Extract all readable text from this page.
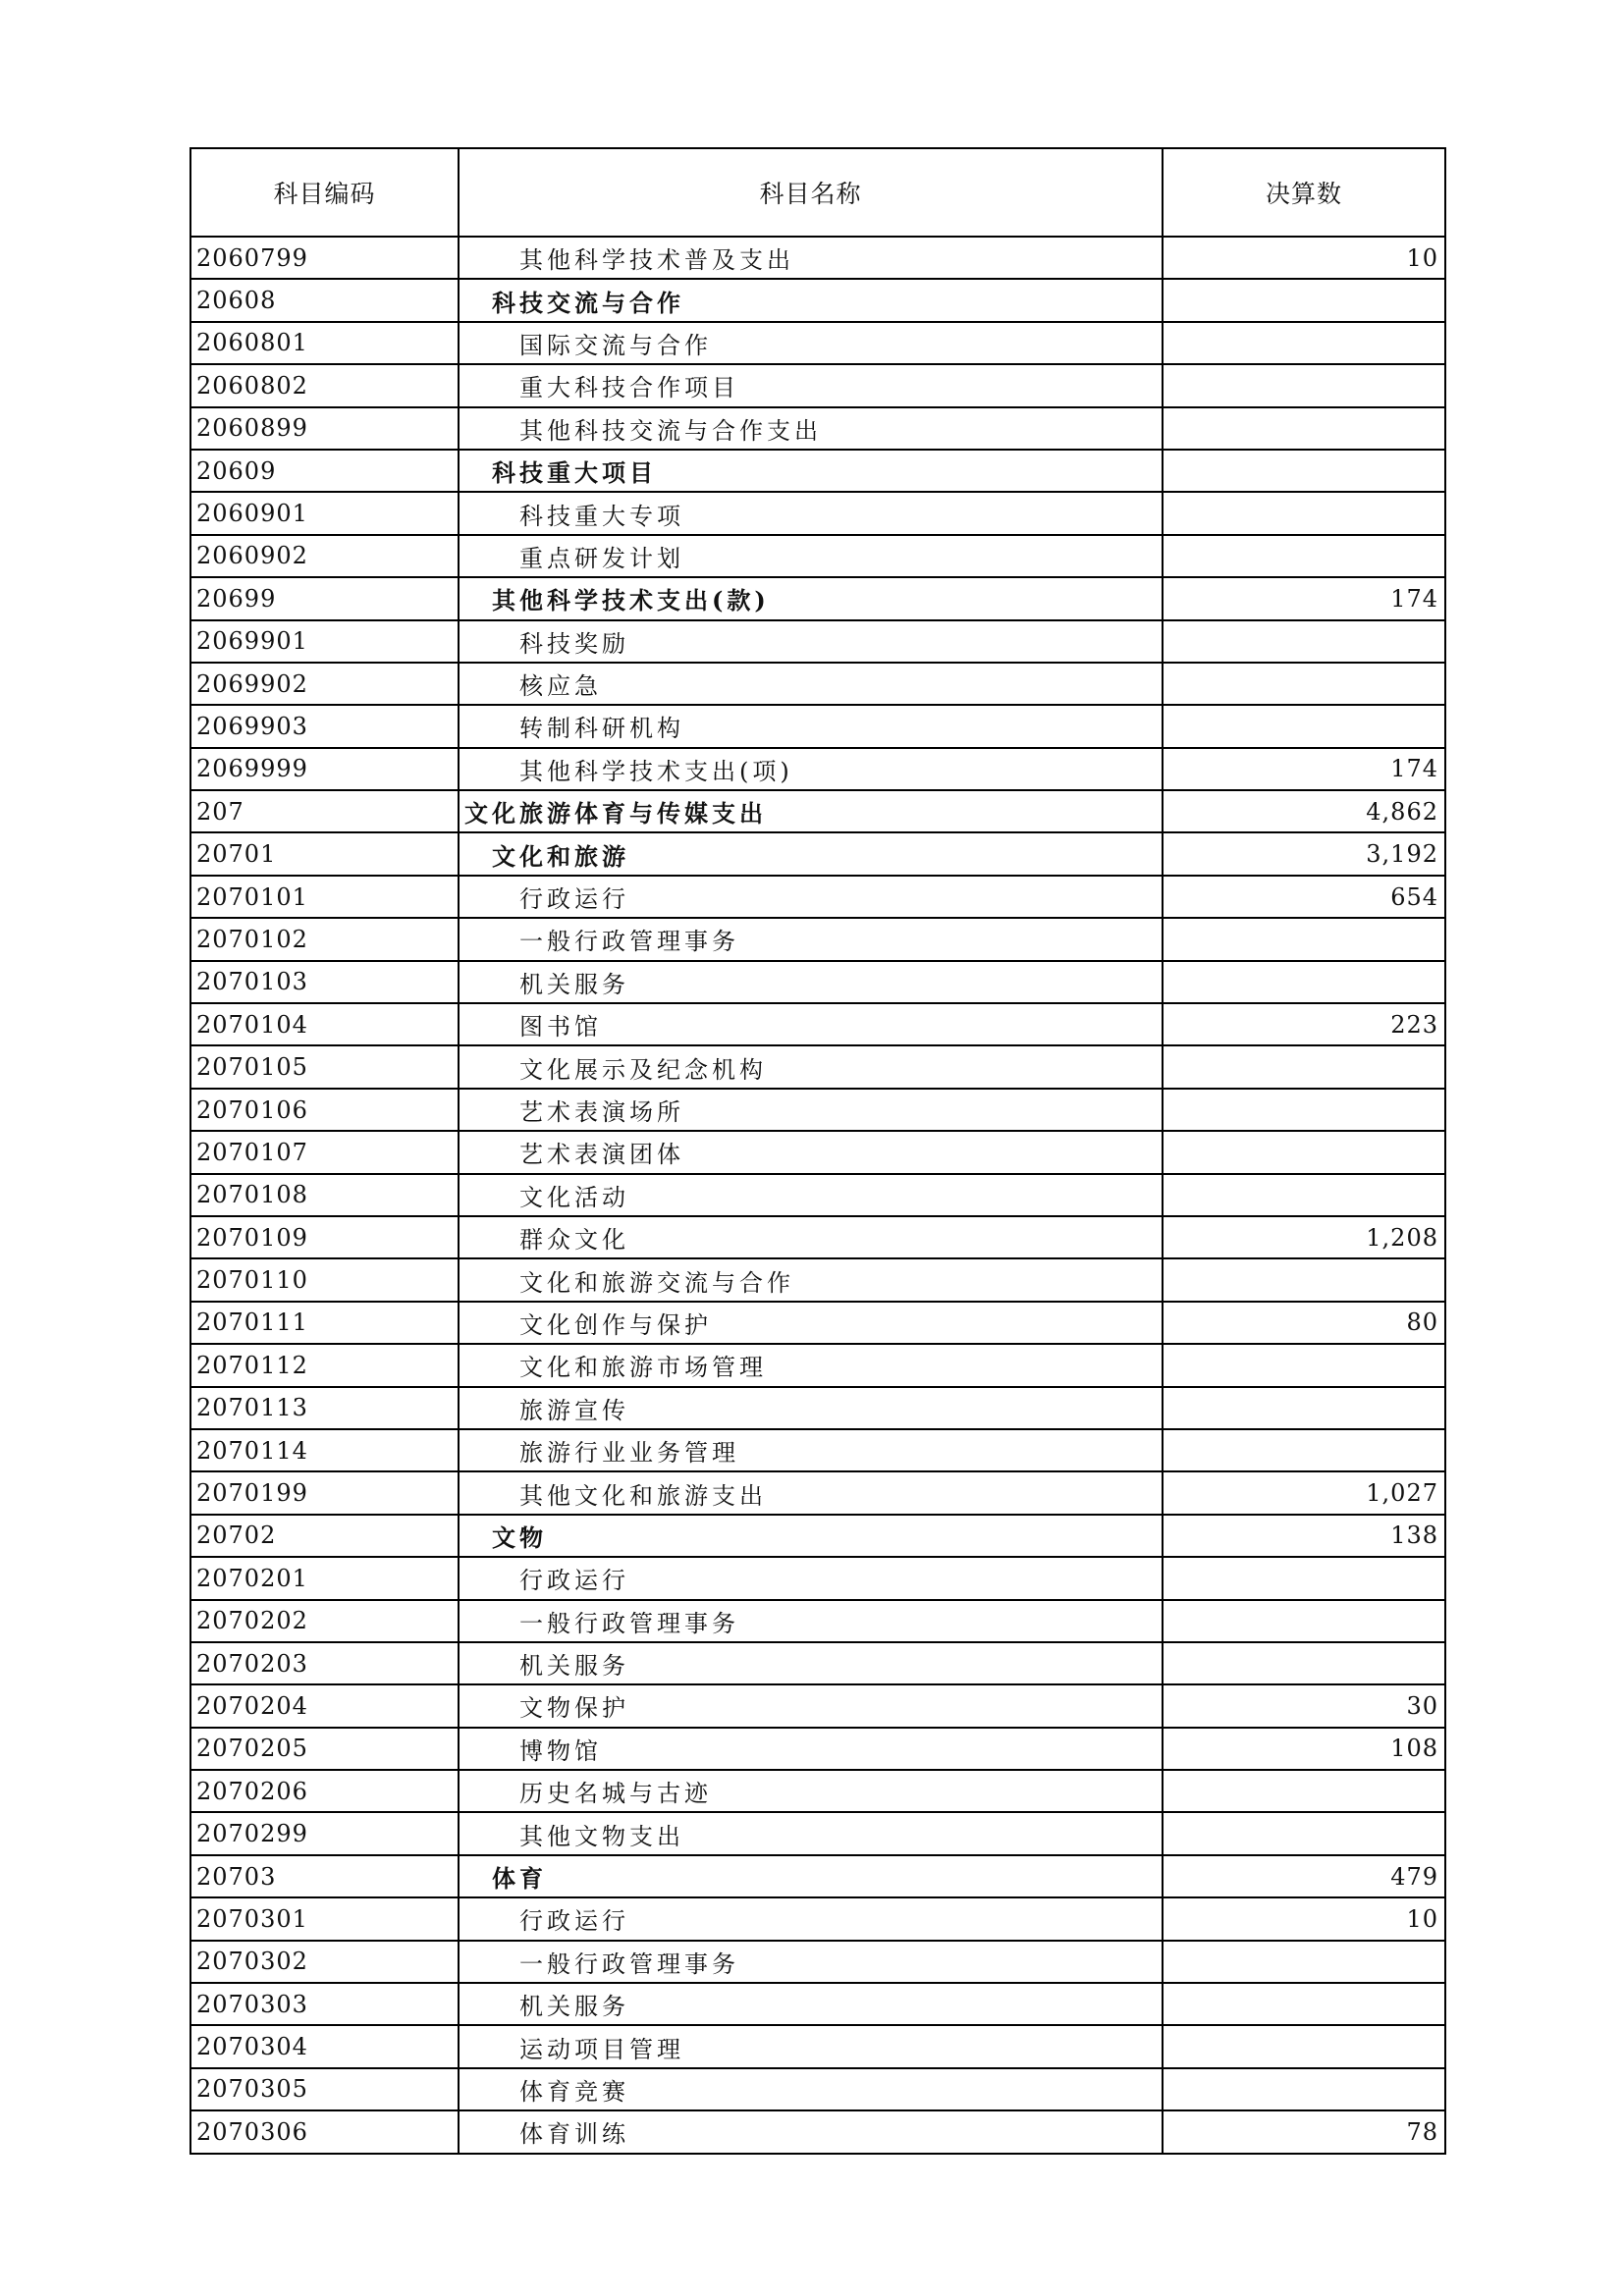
科目编码	科目名称	决算数
2060799	其他科学技术普及支出	10
20608	科技交流与合作	
2060801	国际交流与合作	
2060802	重大科技合作项目	
2060899	其他科技交流与合作支出	
20609	科技重大项目	
2060901	科技重大专项	
2060902	重点研发计划	
20699	其他科学技术支出(款)	174
2069901	科技奖励	
2069902	核应急	
2069903	转制科研机构	
2069999	其他科学技术支出(项)	174
207	文化旅游体育与传媒支出	4,862
20701	文化和旅游	3,192
2070101	行政运行	654
2070102	一般行政管理事务	
2070103	机关服务	
2070104	图书馆	223
2070105	文化展示及纪念机构	
2070106	艺术表演场所	
2070107	艺术表演团体	
2070108	文化活动	
2070109	群众文化	1,208
2070110	文化和旅游交流与合作	
2070111	文化创作与保护	80
2070112	文化和旅游市场管理	
2070113	旅游宣传	
2070114	旅游行业业务管理	
2070199	其他文化和旅游支出	1,027
20702	文物	138
2070201	行政运行	
2070202	一般行政管理事务	
2070203	机关服务	
2070204	文物保护	30
2070205	博物馆	108
2070206	历史名城与古迹	
2070299	其他文物支出	
20703	体育	479
2070301	行政运行	10
2070302	一般行政管理事务	
2070303	机关服务	
2070304	运动项目管理	
2070305	体育竞赛	
2070306	体育训练	78
